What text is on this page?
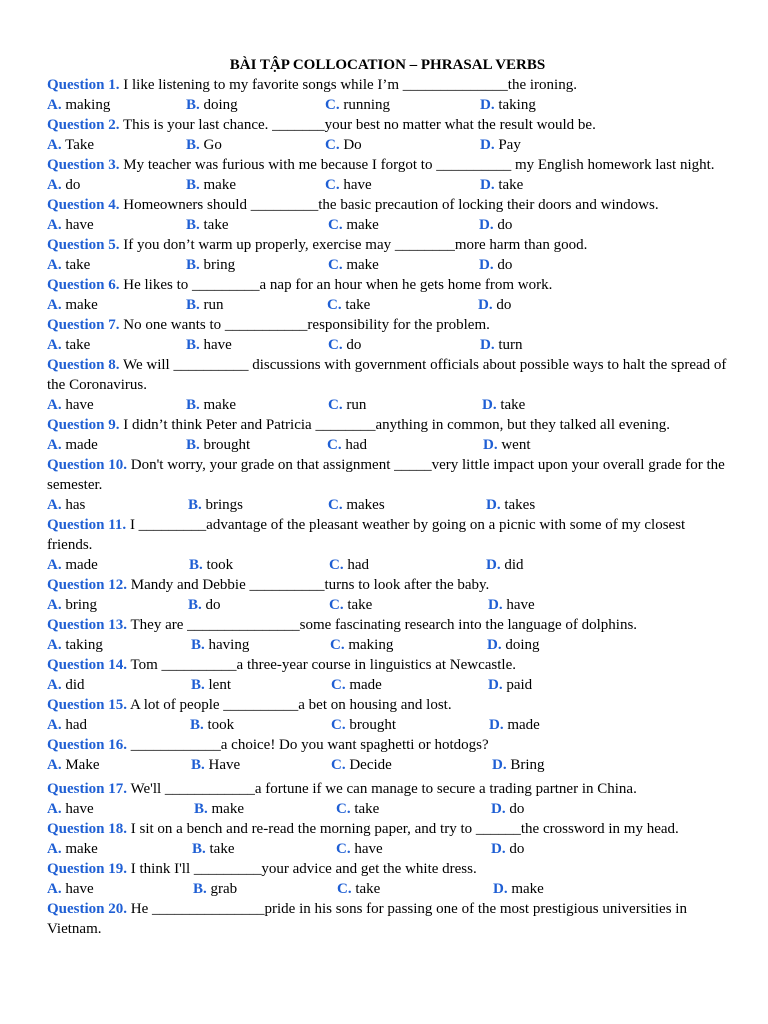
BÀI TẬP COLLOCATION – PHRASAL VERBS

Question 1. I like listening to my favorite songs while I’m ______________the ironing.

A. making	B. doing	C. running	D. taking

Question 2. This is your last chance. _______your best no matter what the result would be.

A. Take	B. Go	C. Do	D. Pay

Question 3. My teacher was furious with me because I forgot to __________ my English homework last night.

A. do	B. make	C. have	D. take

Question 4. Homeowners should _________the basic precaution of locking their doors and windows.

A. have	B. take	C. make	D. do

Question 5. If you don’t warm up properly, exercise may ________more harm than good.

A. take	B. bring	C. make	D. do

Question 6. He likes to _________a nap for an hour when he gets home from work.

A. make	B. run	C. take	D. do

Question 7. No one wants to ___________responsibility for the problem.

A. take	B. have	C. do	D. turn

Question 8. We will __________ discussions with government officials about possible ways to halt the spread of the Coronavirus.

A. have	B. make	C. run	D. take

Question 9. I didn’t think Peter and Patricia ________anything in common, but they talked all evening.

A. made	B. brought	C. had	D. went

Question 10. Don't worry, your grade on that assignment _____very little impact upon your overall grade for the semester.

A. has	B. brings	C. makes	D. takes

Question 11. I _________advantage of the pleasant weather by going on a picnic with some of my closest friends.

A. made	B. took	C. had	D. did

Question 12. Mandy and Debbie __________turns to look after the baby.

A. bring	B. do	C. take	D. have

Question 13. They are _______________some fascinating research into the language of dolphins.

A. taking	B. having	C. making	D. doing

Question 14. Tom __________a three-year course in linguistics at Newcastle.

A. did	B. lent	C. made	D. paid

Question 15. A lot of people __________a bet on housing and lost.

A. had	B. took	C. brought	D. made

Question 16. ____________a choice! Do you want spaghetti or hotdogs?

A. Make	B. Have	C. Decide	D. Bring

Question 17. We'll ____________a fortune if we can manage to secure a trading partner in China.

A. have	B. make	C. take	D. do

Question 18. I sit on a bench and re-read the morning paper, and try to ______the crossword in my head.

A. make	B. take	C. have	D. do

Question 19. I think I'll _________your advice and get the white dress.

A. have	B. grab	C. take	D. make

Question 20. He _______________pride in his sons for passing one of the most prestigious universities in Vietnam.
